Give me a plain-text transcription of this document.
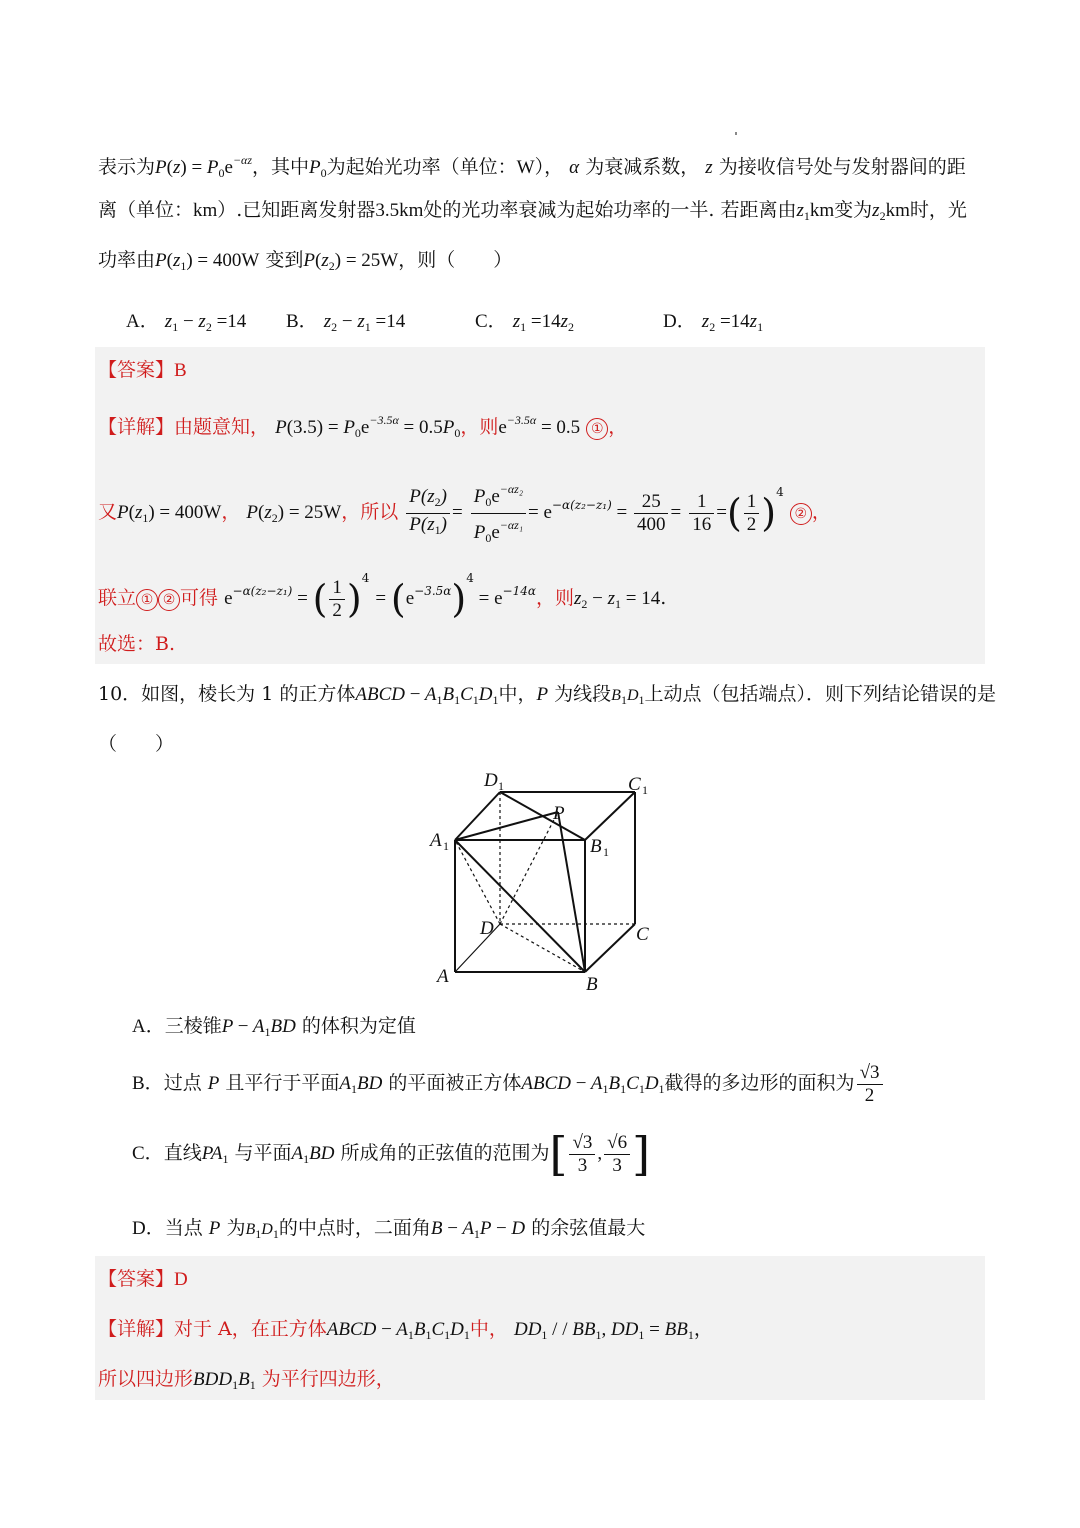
表示为$P(z) = P_0e^{-\alpha z}$，其中$P_0$为起始光功率（单位：W）， α 为衰减系数， z 为接收信号处与发射器间的距
离（单位：km）.已知距离发射器3.5km处的光功率衰减为起始功率的一半. 若距离由$z_1km$变为$z_2km$时，光
功率由$P(z_1) = 400W$ 变到$P(z_2) = 25W$，则（　　）
A． $z_1 - z_2 =14$ B． $z_2 - z_1 =14$	C． $z_1 =14z_2$	D． $z_2 =14z_1$
【答案】B
【详解】由题意知， $P(3.5) = P_0e^{-3.5\alpha} = 0.5P_0$，则$e^{-3.5\alpha} = 0.5$ ① ，
又$P(z_1) = 400W$， $P(z_2) = 25W$，所以 $\frac{P(z_2)}{P(z_1)} = \frac{P_0e^{-\alpha z_2}}{P_0e^{-\alpha z_1}} = e^{-\alpha(z_2-z_1)} = \frac{25}{400} = \frac{1}{16}$ =( $\frac{1}{2} )^4$ ② ，
联立 ① ② 可得 $e^{-\alpha(z_2-z_1)}$ = ( $\frac{1}{2} )^4 = (e^{-3.5\alpha})^4 = e^{-14\alpha}$，则$z_2 - z_1 = 14$.
故选：B.
10．如图，棱长为 1 的正方体ABCD − $A_1B_1C_1D_1$中，P 为线段$B_1D_1$上动点（包括端点）．则下列结论错误的是
（　　）
D 1	C 1
P
A 1	B 1
D	C
A	B
A．三棱锥$P - A_1BD$ 的体积为定值
B．过点 P 且平行于平面$A_1BD$ 的平面被正方体ABCD − $A_1B_1C_1D_1$截得的多边形的面积为 $\frac{√3}{2}$
C．直线$PA_1$ 与平面$A_1BD$ 所成角的正弦值的范围为[ $\frac{√3}{3}$ , $\frac{√6}{3}$ ]
D．当点 P 为$B_1D_1$的中点时，二面角$B - A_1P - D$ 的余弦值最大
【答案】D
【详解】对于 A，在正方体ABCD − $A_1B_1C_1D_1$中， $DD_1$ / / $BB_1$, $DD_1 = BB_1$，
所以四边形$BDD_1B_1$ 为平行四边形，
